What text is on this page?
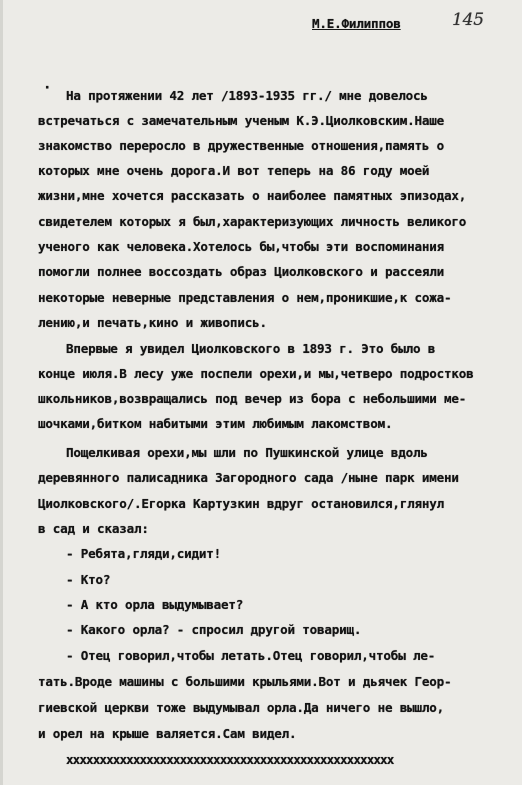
М.Е.Филиппов	145
· На протяжении 42 лет /1893-1935 гг./ мне довелось
встречаться с замечательным ученым К.Э.Циолковским.Наше
знакомство переросло в дружественные отношения,память о
которых мне очень дорога.И вот теперь на 86 году моей
жизни,мне хочется рассказать о наиболее памятных эпизодах,
свидетелем которых я был,характеризующих личность великого
ученого как человека.Хотелось бы,чтобы эти воспоминания
помогли полнее воссоздать образ Циолковского и рассеяли
некоторые неверные представления о нем,проникшие,к сожа-
лению,и печать,кино и живопись.
Впервые я увидел Циолковского в 1893 г. Это было в
конце июля.В лесу уже поспели орехи,и мы,четверо подростков
школьников,возвращались под вечер из бора с небольшими ме-
шочками,битком набитыми этим любимым лакомством.
Пощелкивая орехи,мы шли по Пушкинской улице вдоль
деревянного палисадника Загородного сада /ныне парк имени
Циолковского/.Егорка Картузкин вдруг остановился,глянул
в сад и сказал:
- Ребята,гляди,сидит!
- Кто?
- А кто орла выдумывает?
- Какого орла? - спросил другой товарищ.
- Отец говорил,чтобы летать.Отец говорил,чтобы ле-
тать.Вроде машины с большими крыльями.Вот и дьячек Геор-
гиевской церкви тоже выдумывал орла.Да ничего не вышло,
и орел на крыше валяется.Сам видел.
xxxxxxxxxxxxxxxxxxxxxxxxxxxxxxxxxxxxxxxxxxxxxxxxx
